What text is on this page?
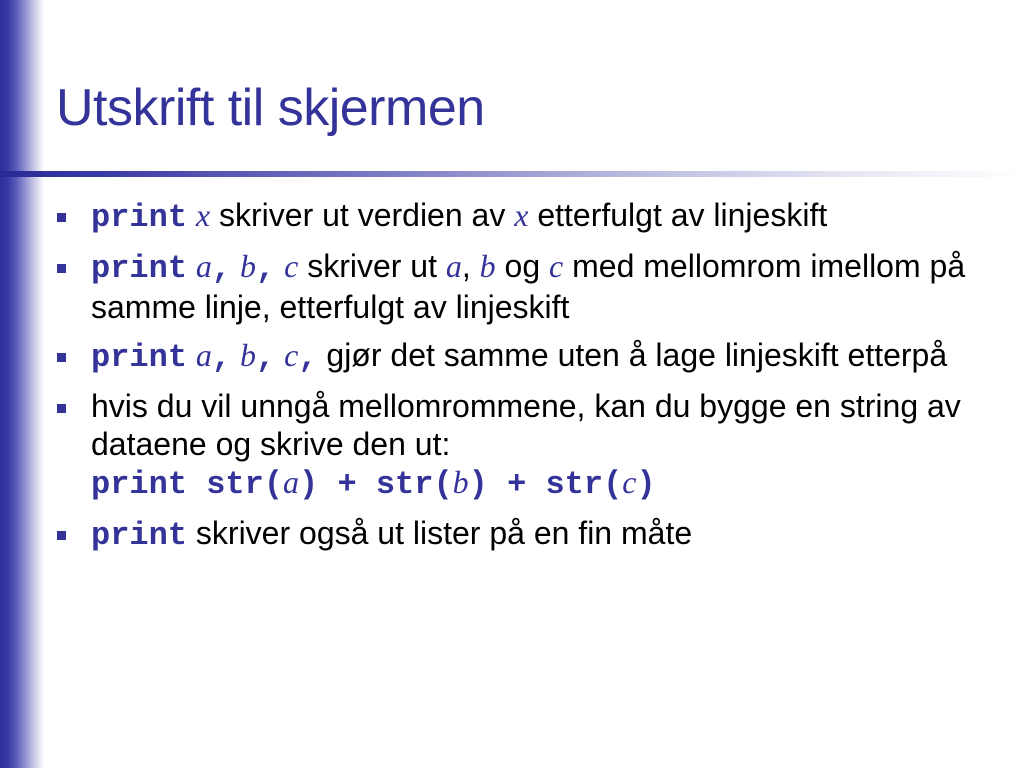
Utskrift til skjermen
print x skriver ut verdien av x etterfulgt av linjeskift
print a, b, c skriver ut a, b og c med mellomrom imellom på samme linje, etterfulgt av linjeskift
print a, b, c, gjør det samme uten å lage linjeskift etterpå
hvis du vil unngå mellomrommene, kan du bygge en string av dataene og skrive den ut:
print str(a) + str(b) + str(c)
print skriver også ut lister på en fin måte
